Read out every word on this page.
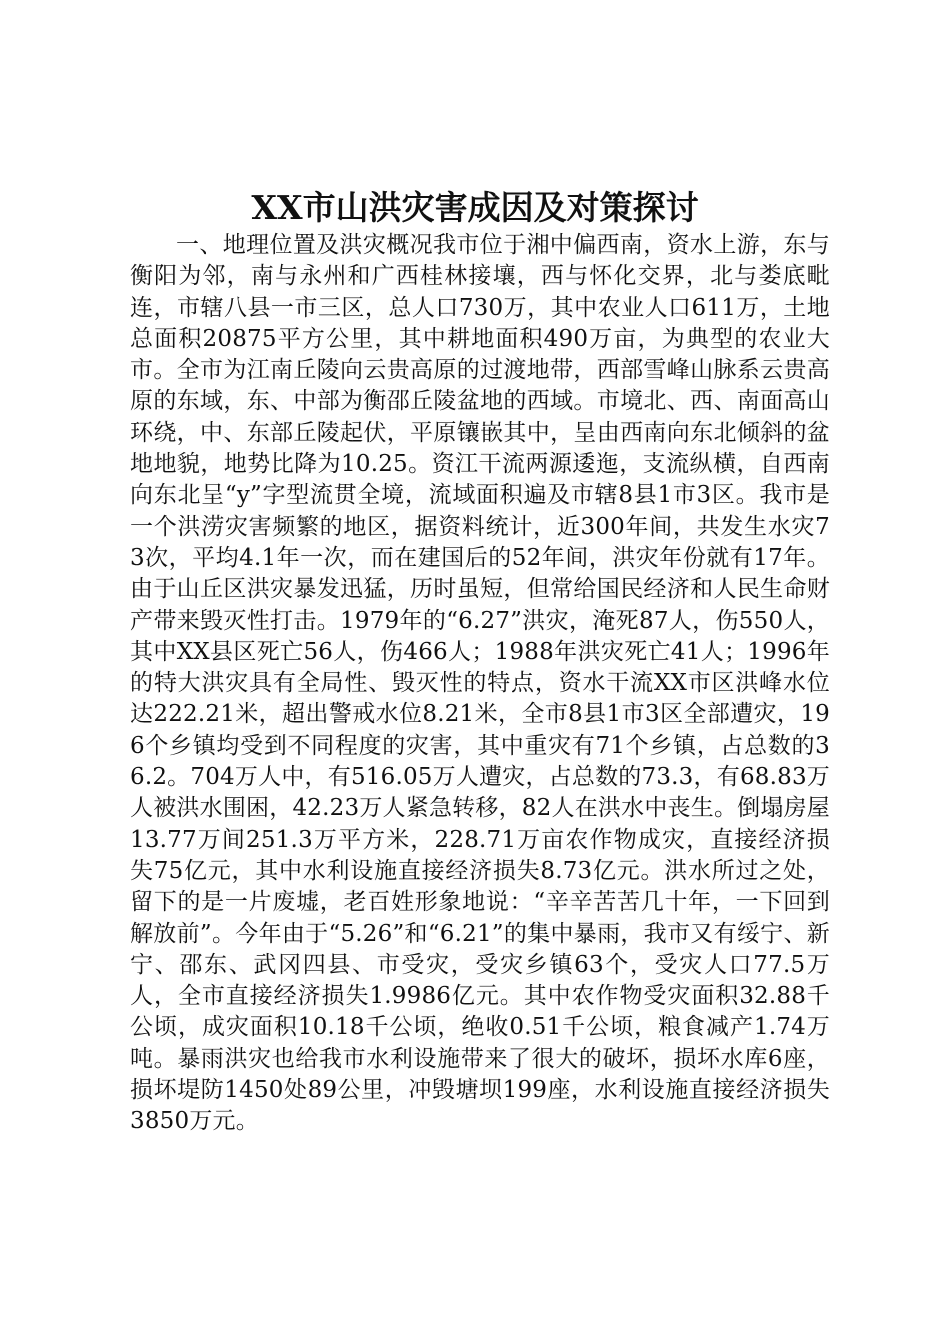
XX市山洪灾害成因及对策探讨

一、地理位置及洪灾概况我市位于湘中偏西南，资水上游，东与衡阳为邻，南与永州和广西桂林接壤，西与怀化交界，北与娄底毗连，市辖八县一市三区，总人口730万，其中农业人口611万，土地总面积20875平方公里，其中耕地面积490万亩，为典型的农业大市。全市为江南丘陵向云贵高原的过渡地带，西部雪峰山脉系云贵高原的东域，东、中部为衡邵丘陵盆地的西域。市境北、西、南面高山环绕，中、东部丘陵起伏，平原镶嵌其中，呈由西南向东北倾斜的盆地地貌，地势比降为10.25。资江干流两源逶迤，支流纵横，自西南向东北呈“y”字型流贯全境，流域面积遍及市辖8县1市3区。我市是一个洪涝灾害频繁的地区，据资料统计，近300年间，共发生水灾73次，平均4.1年一次，而在建国后的52年间，洪灾年份就有17年。由于山丘区洪灾暴发迅猛，历时虽短，但常给国民经济和人民生命财产带来毁灭性打击。1979年的“6.27”洪灾，淹死87人，伤550人，其中XX县区死亡56人，伤466人；1988年洪灾死亡41人；1996年的特大洪灾具有全局性、毁灭性的特点，资水干流XX市区洪峰水位达222.21米，超出警戒水位8.21米，全市8县1市3区全部遭灾，196个乡镇均受到不同程度的灾害，其中重灾有71个乡镇，占总数的36.2。704万人中，有516.05万人遭灾，占总数的73.3，有68.83万人被洪水围困，42.23万人紧急转移，82人在洪水中丧生。倒塌房屋13.77万间251.3万平方米，228.71万亩农作物成灾，直接经济损失75亿元，其中水利设施直接经济损失8.73亿元。洪水所过之处，留下的是一片废墟，老百姓形象地说：“辛辛苦苦几十年，一下回到解放前”。今年由于“5.26”和“6.21”的集中暴雨，我市又有绥宁、新宁、邵东、武冈四县、市受灾，受灾乡镇63个，受灾人口77.5万人，全市直接经济损失1.9986亿元。其中农作物受灾面积32.88千公顷，成灾面积10.18千公顷，绝收0.51千公顷，粮食减产1.74万吨。暴雨洪灾也给我市水利设施带来了很大的破坏，损坏水库6座，损坏堤防1450处89公里，冲毁塘坝199座，水利设施直接经济损失3850万元。
